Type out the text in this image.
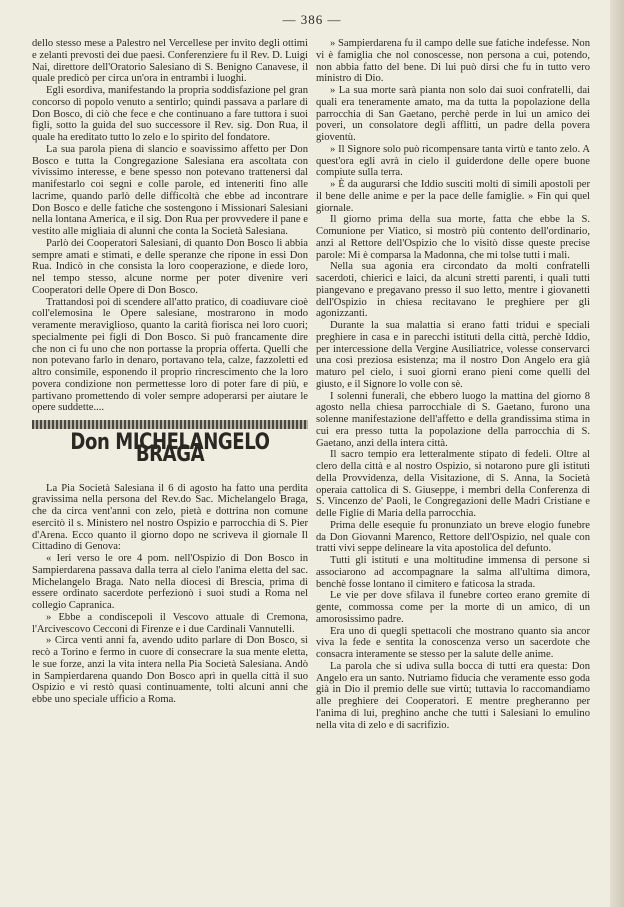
— 386 —

dello stesso mese a Palestro nel Vercellese per invito degli ottimi e zelanti prevosti dei due paesi. Conferenziere fu il Rev. D. Luigi Nai, direttore dell'Oratorio Salesiano di S. Benigno Canavese, il quale predicò per circa un'ora in entrambi i luoghi.

Egli esordiva, manifestando la propria soddisfazione pel gran concorso di popolo venuto a sentirlo; quindi passava a parlare di Don Bosco, di ciò che fece e che continuano a fare tuttora i suoi figli, sotto la guida del suo successore il Rev. sig. Don Rua, il quale ha ereditato tutto lo zelo e lo spirito del fondatore.

La sua parola piena di slancio e soavissimo affetto per Don Bosco e tutta la Congregazione Salesiana era ascoltata con vivissimo interesse, e bene spesso non potevano trattenersi dal manifestarlo coi segni e colle parole, ed inteneriti fino alle lacrime, quando parlò delle difficoltà che ebbe ad incontrare Don Bosco e delle fatiche che sostengono i Missionari Salesiani nella lontana America, e il sig. Don Rua per provvedere il pane e vestito alle migliaia di alunni che conta la Società Salesiana.

Parlò dei Cooperatori Salesiani, di quanto Don Bosco li abbia sempre amati e stimati, e delle speranze che ripone in essi Don Rua. Indicò in che consista la loro cooperazione, e diede loro, nel tempo stesso, alcune norme per poter divenire veri Cooperatori delle Opere di Don Bosco.

Trattandosi poi di scendere all'atto pratico, di coadiuvare cioè coll'elemosina le Opere salesiane, mostrarono in modo veramente meraviglioso, quanto la carità fiorisca nei loro cuori; specialmente pei figli di Don Bosco. Si può francamente dire che non ci fu uno che non portasse la propria offerta. Quelli che non potevano farlo in denaro, portavano tela, calze, fazzoletti ed altro consimile, esponendo il proprio rincrescimento che la loro povera condizione non permettesse loro di poter fare di più, e partivano promettendo di voler sempre adoperarsi per aiutare le opere suddette....

Don MICHELANGELO BRAGA

La Pia Società Salesiana il 6 di agosto ha fatto una perdita gravissima nella persona del Rev.do Sac. Michelangelo Braga, che da circa vent'anni con zelo, pietà e dottrina non comune esercitò il s. Ministero nel nostro Ospizio e parrocchia di S. Pier d'Arena. Ecco quanto il giorno dopo ne scriveva il giornale Il Cittadino di Genova:

« Ieri verso le ore 4 pom. nell'Ospizio di Don Bosco in Sampierdarena passava dalla terra al cielo l'anima eletta del sac. Michelangelo Braga. Nato nella diocesi di Brescia, prima di essere ordinato sacerdote perfezionò i suoi studi a Roma nel collegio Capranica.

» Ebbe a condiscepoli il Vescovo attuale di Cremona, l'Arcivescovo Cecconi di Firenze e i due Cardinali Vannutelli.

» Circa venti anni fa, avendo udito parlare di Don Bosco, si recò a Torino e fermo in cuore di consecrare la sua mente eletta, le sue forze, anzi la vita intera nella Pia Società Salesiana. Andò in Sampierdarena quando Don Bosco aprì in quella città il suo Ospizio e vi restò quasi continuamente, tolti alcuni anni che ebbe uno speciale ufficio a Roma.

» Sampierdarena fu il campo delle sue fatiche indefesse. Non vi è famiglia che nol conoscesse, non persona a cui, potendo, non abbia fatto del bene. Di lui può dirsi che fu in tutto vero ministro di Dio.

» La sua morte sarà pianta non solo dai suoi confratelli, dai quali era teneramente amato, ma da tutta la popolazione della parrocchia di San Gaetano, perchè perde in lui un amico dei poveri, un consolatore degli afflitti, un padre della povera gioventù.

» Il Signore solo può ricompensare tanta virtù e tanto zelo. A quest'ora egli avrà in cielo il guiderdone delle opere buone compiute sulla terra.

» È da augurarsi che Iddio susciti molti di simili apostoli per il bene delle anime e per la pace delle famiglie. » Fin qui quel giornale.

Il giorno prima della sua morte, fatta che ebbe la S. Comunione per Viatico, si mostrò più contento dell'ordinario, anzi al Rettore dell'Ospizio che lo visitò disse queste precise parole: Mi è comparsa la Madonna, che mi tolse tutti i mali.

Nella sua agonia era circondato da molti confratelli sacerdoti, chierici e laici, da alcuni stretti parenti, i quali tutti piangevano e pregavano presso il suo letto, mentre i giovanetti dell'Ospizio in chiesa recitavano le preghiere per gli agonizzanti.

Durante la sua malattia si erano fatti tridui e speciali preghiere in casa e in parecchi istituti della città, perchè Iddio, per intercessione della Vergine Ausiliatrice, volesse conservarci una così preziosa esistenza; ma il nostro Don Angelo era già maturo pel cielo, i suoi giorni erano pieni come quelli del giusto, e il Signore lo volle con sè.

I solenni funerali, che ebbero luogo la mattina del giorno 8 agosto nella chiesa parrocchiale di S. Gaetano, furono una solenne manifestazione dell'affetto e della grandissima stima in cui era presso tutta la popolazione della parrocchia di S. Gaetano, anzi della intera città.

Il sacro tempio era letteralmente stipato di fedeli. Oltre al clero della città e al nostro Ospizio, si notarono pure gli istituti della Provvidenza, della Visitazione, di S. Anna, la Società operaia cattolica di S. Giuseppe, i membri della Conferenza di S. Vincenzo de' Paoli, le Congregazioni delle Madri Cristiane e delle Figlie di Maria della parrocchia.

Prima delle esequie fu pronunziato un breve elogio funebre da Don Giovanni Marenco, Rettore dell'Ospizio, nel quale con tratti vivi seppe delineare la vita apostolica del defunto.

Tutti gli istituti e una moltitudine immensa di persone si associarono ad accompagnare la salma all'ultima dimora, benchè fosse lontano il cimitero e faticosa la strada.

Le vie per dove sfilava il funebre corteo erano gremite di gente, commossa come per la morte di un amico, di un amorosissimo padre.

Era uno di quegli spettacoli che mostrano quanto sia ancor viva la fede e sentita la conoscenza verso un sacerdote che consacra interamente se stesso per la salute delle anime.

La parola che si udiva sulla bocca di tutti era questa: Don Angelo era un santo. Nutriamo fiducia che veramente esso goda già in Dio il premio delle sue virtù; tuttavia lo raccomandiamo alle preghiere dei Cooperatori. E mentre pregheranno per l'anima di lui, preghino anche che tutti i Salesiani lo emulino nella vita di zelo e di sacrifizio.
